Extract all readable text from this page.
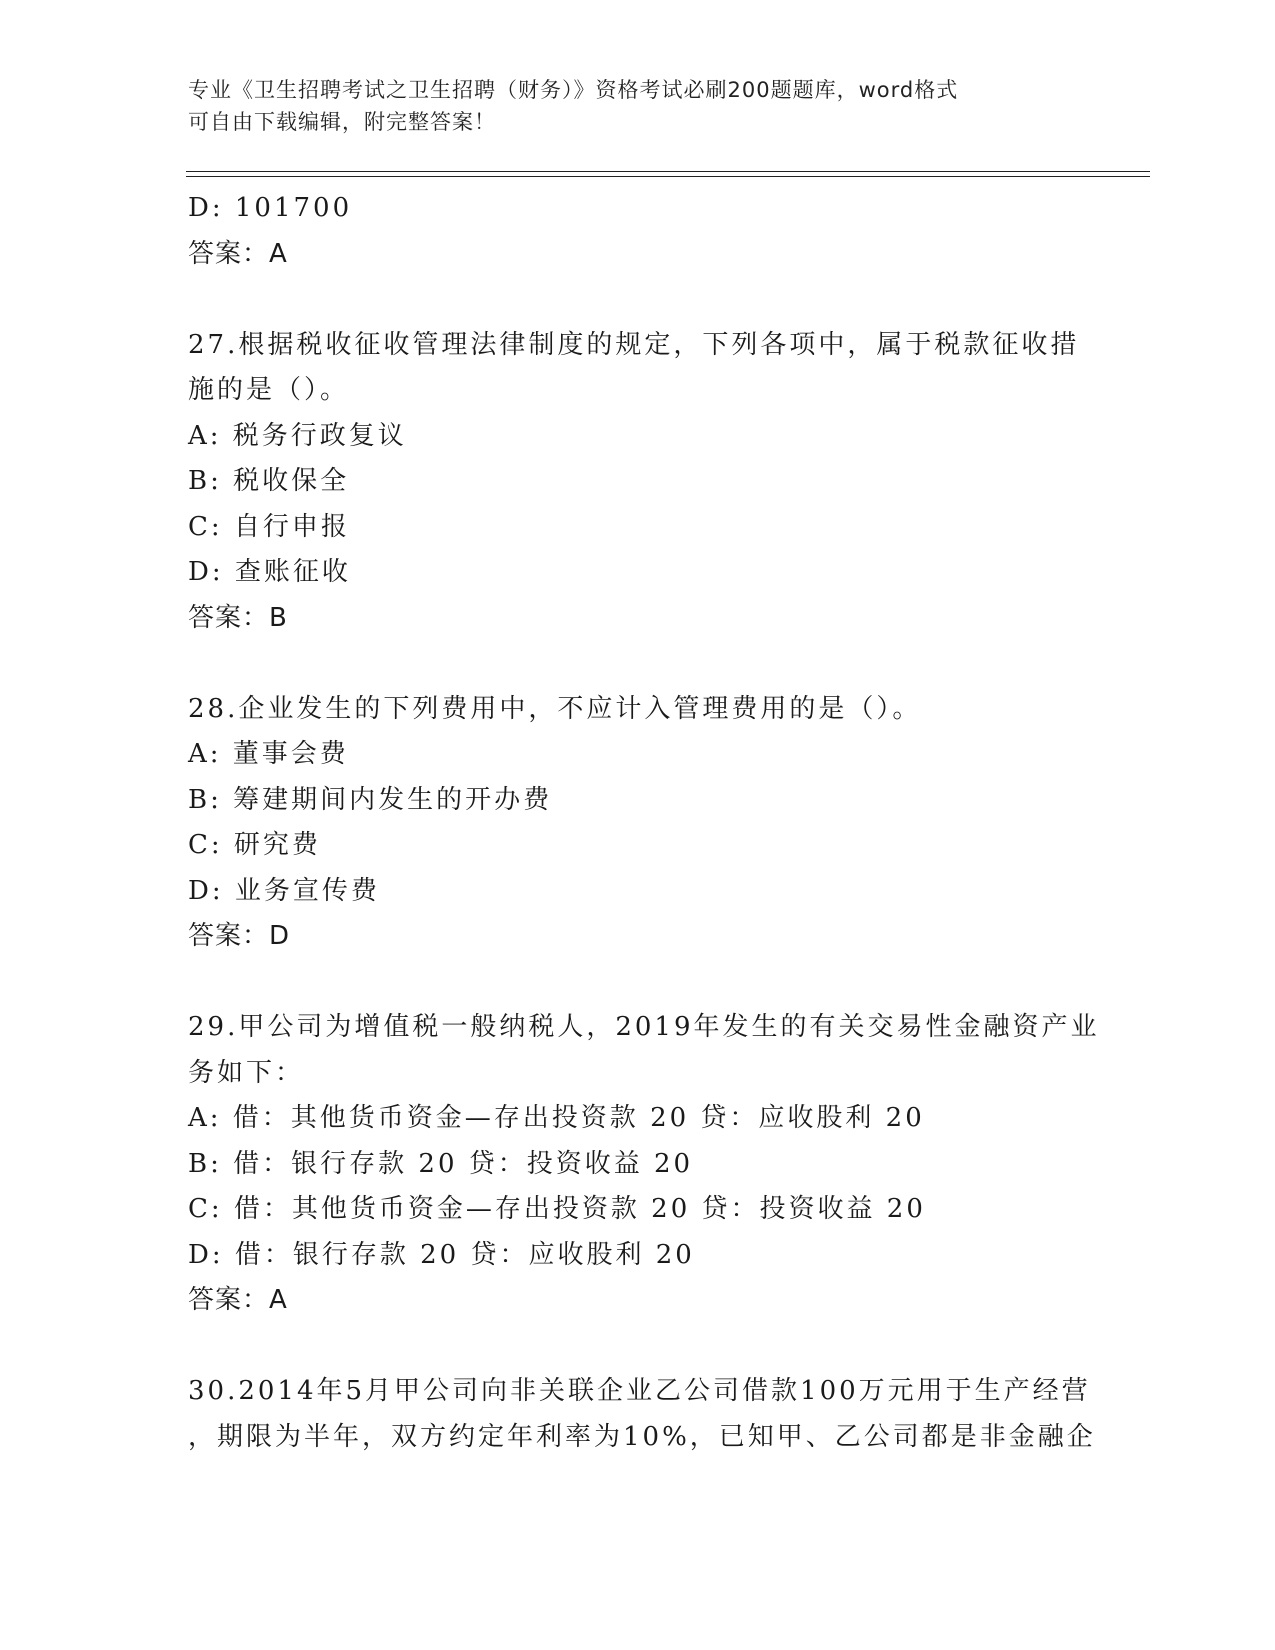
专业《卫生招聘考试之卫生招聘（财务）》资格考试必刷200题题库，word格式
可自由下载编辑，附完整答案！
D: 101700
答案：A
27.根据税收征收管理法律制度的规定，下列各项中，属于税款征收措
施的是（）。
A: 税务行政复议
B: 税收保全
C: 自行申报
D: 查账征收
答案：B
28.企业发生的下列费用中，不应计入管理费用的是（）。
A: 董事会费
B: 筹建期间内发生的开办费
C: 研究费
D: 业务宣传费
答案：D
29.甲公司为增值税一般纳税人，2019年发生的有关交易性金融资产业
务如下：
A: 借：其他货币资金—存出投资款 20 贷：应收股利 20
B: 借：银行存款 20 贷：投资收益 20
C: 借：其他货币资金—存出投资款 20 贷：投资收益 20
D: 借：银行存款 20 贷：应收股利 20
答案：A
30.2014年5月甲公司向非关联企业乙公司借款100万元用于生产经营
，期限为半年，双方约定年利率为10%，已知甲、乙公司都是非金融企
